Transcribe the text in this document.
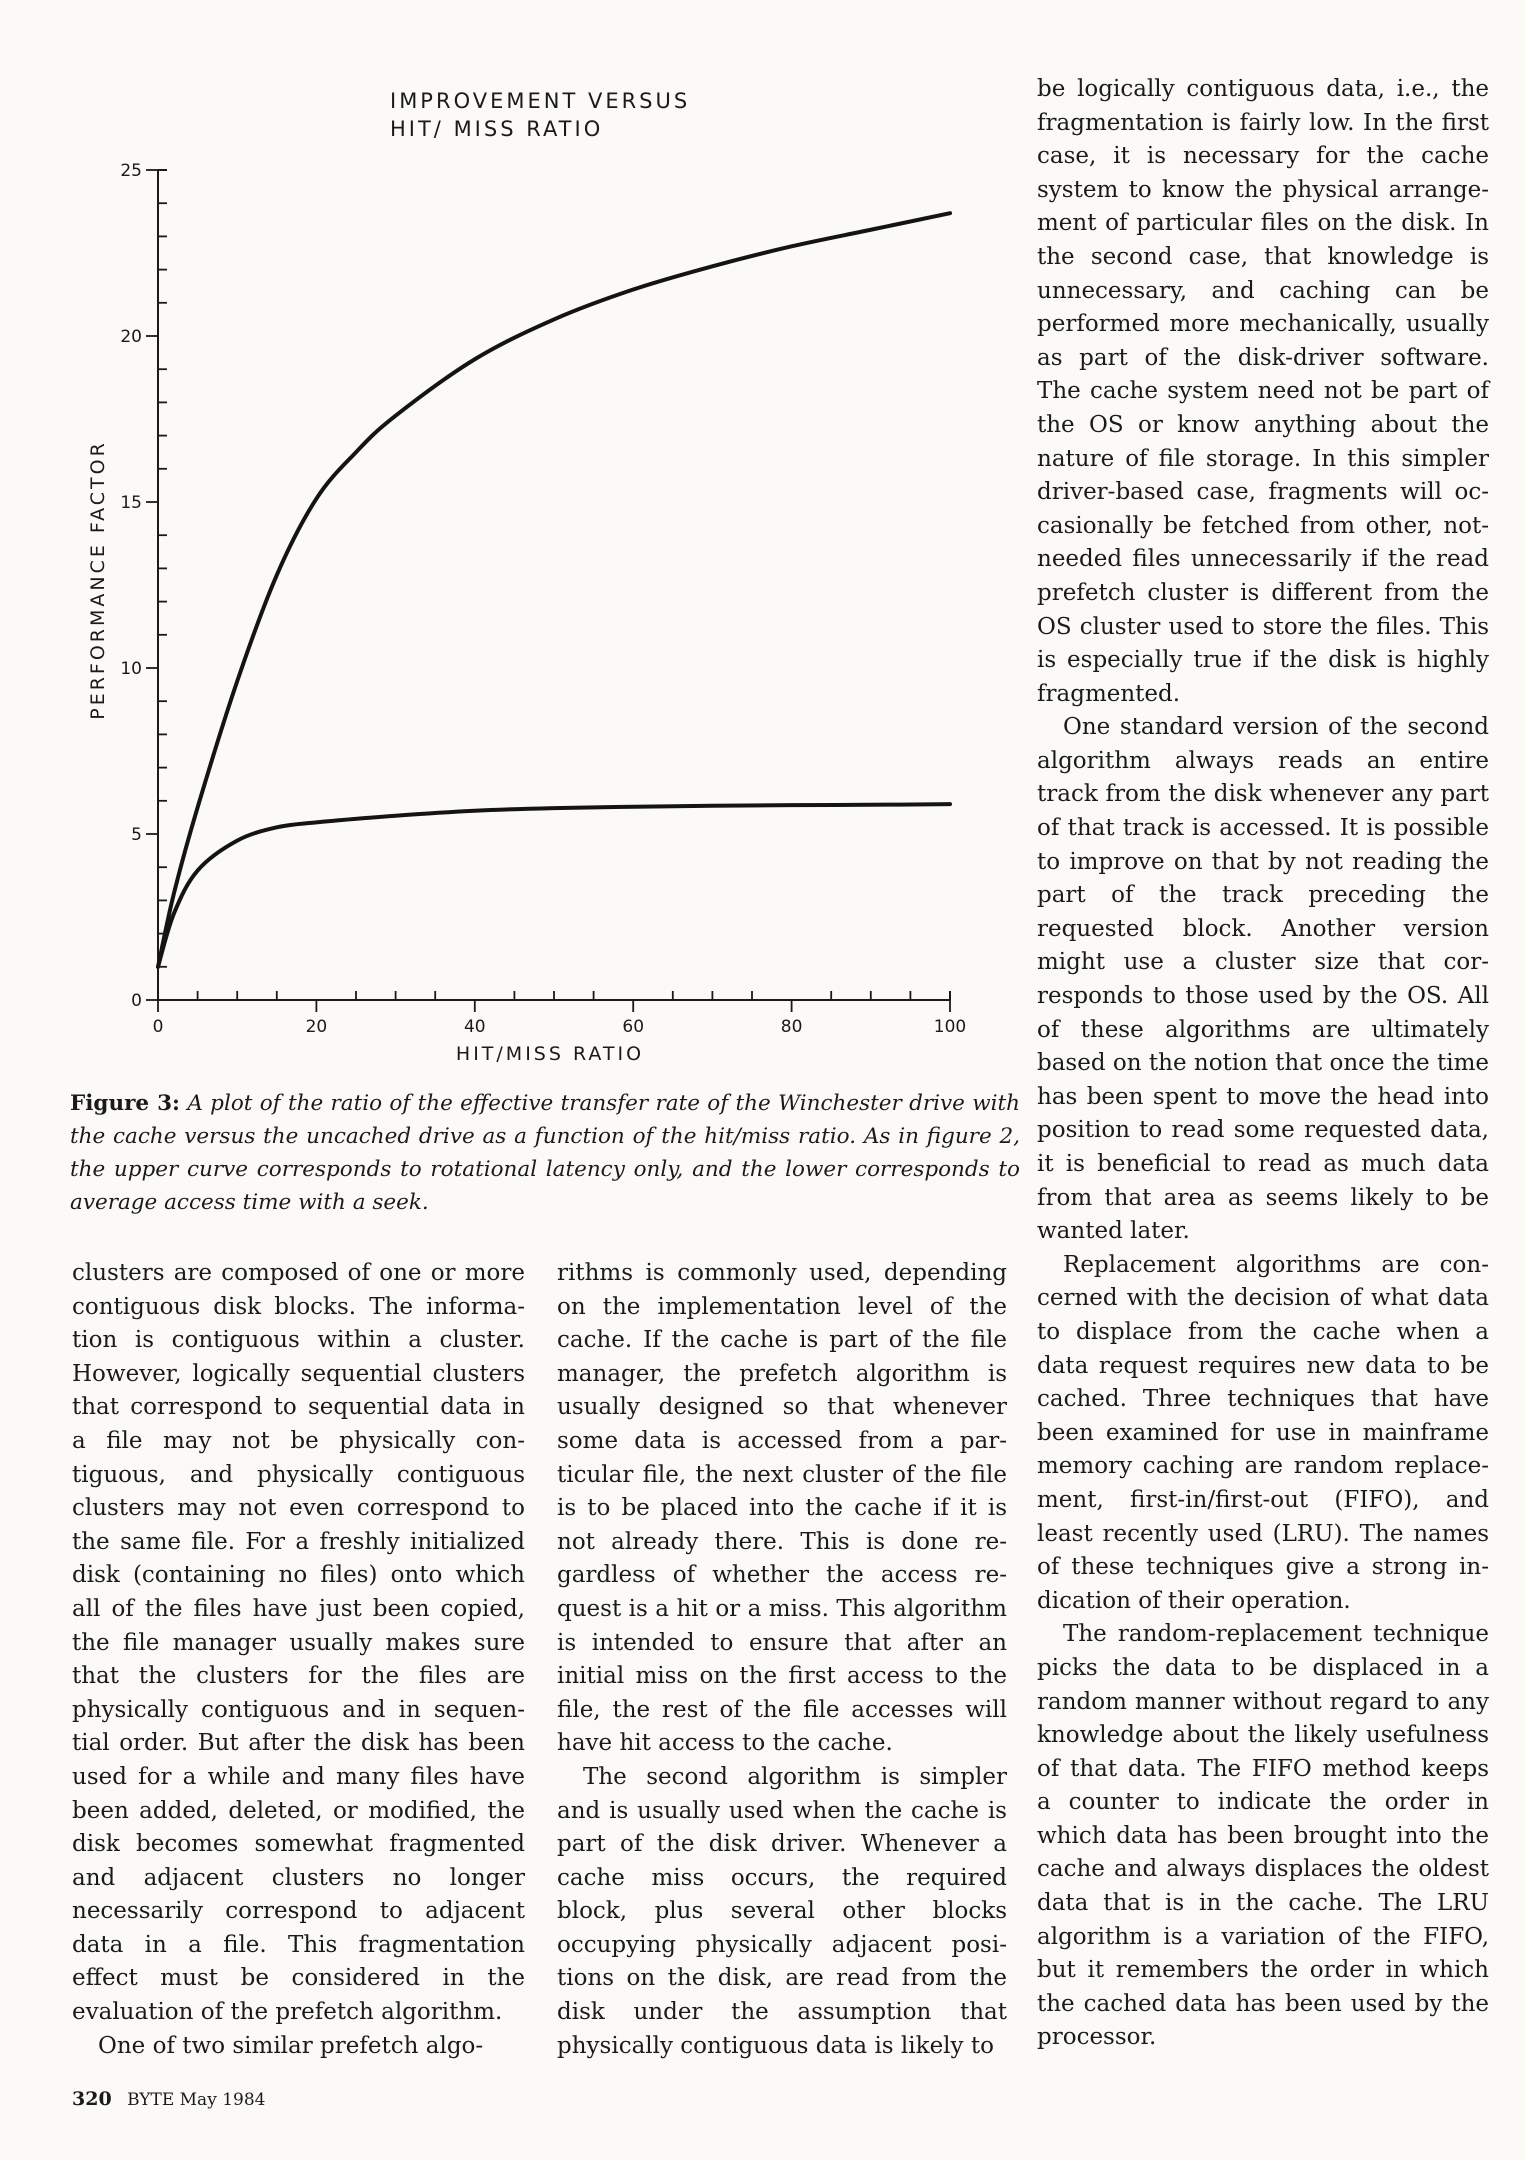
IMPROVEMENT VERSUS
HIT/ MISS RATIO
0
5
10
15
20
25
0	20	40	60	80	100
HIT/MISS RATIO
PERFORMANCE FACTOR

Figure 3: A plot of the ratio of the effective transfer rate of the Winchester drive with the cache versus the uncached drive as a function of the hit/miss ratio. As in figure 2, the upper curve corresponds to rotational latency only, and the lower corresponds to average access time with a seek.

clusters are composed of one or more contiguous disk blocks. The information is contiguous within a cluster. However, logically sequential clusters that correspond to sequential data in a file may not be physically contiguous, and physically contiguous clusters may not even correspond to the same file. For a freshly initialized disk (containing no files) onto which all of the files have just been copied, the file manager usually makes sure that the clusters for the files are physically contiguous and in sequential order. But after the disk has been used for a while and many files have been added, deleted, or modified, the disk becomes somewhat fragmented and adjacent clusters no longer necessarily correspond to adjacent data in a file. This fragmentation effect must be considered in the evaluation of the prefetch algorithm.

One of two similar prefetch algo-

rithms is commonly used, depending on the implementation level of the cache. If the cache is part of the file manager, the prefetch algorithm is usually designed so that whenever some data is accessed from a particular file, the next cluster of the file is to be placed into the cache if it is not already there. This is done regardless of whether the access request is a hit or a miss. This algorithm is intended to ensure that after an initial miss on the first access to the file, the rest of the file accesses will have hit access to the cache.

The second algorithm is simpler and is usually used when the cache is part of the disk driver. Whenever a cache miss occurs, the required block, plus several other blocks occupying physically adjacent positions on the disk, are read from the disk under the assumption that physically contiguous data is likely to

be logically contiguous data, i.e., the fragmentation is fairly low. In the first case, it is necessary for the cache system to know the physical arrangement of particular files on the disk. In the second case, that knowledge is unnecessary, and caching can be performed more mechanically, usually as part of the disk-driver software. The cache system need not be part of the OS or know anything about the nature of file storage. In this simpler driver-based case, fragments will occasionally be fetched from other, not-needed files unnecessarily if the read prefetch cluster is different from the OS cluster used to store the files. This is especially true if the disk is highly fragmented.

One standard version of the second algorithm always reads an entire track from the disk whenever any part of that track is accessed. It is possible to improve on that by not reading the part of the track preceding the requested block. Another version might use a cluster size that corresponds to those used by the OS. All of these algorithms are ultimately based on the notion that once the time has been spent to move the head into position to read some requested data, it is beneficial to read as much data from that area as seems likely to be wanted later.

Replacement algorithms are concerned with the decision of what data to displace from the cache when a data request requires new data to be cached. Three techniques that have been examined for use in mainframe memory caching are random replacement, first-in/first-out (FIFO), and least recently used (LRU). The names of these techniques give a strong indication of their operation.

The random-replacement technique picks the data to be displaced in a random manner without regard to any knowledge about the likely usefulness of that data. The FIFO method keeps a counter to indicate the order in which data has been brought into the cache and always displaces the oldest data that is in the cache. The LRU algorithm is a variation of the FIFO, but it remembers the order in which the cached data has been used by the processor.

320 BYTE May 1984
